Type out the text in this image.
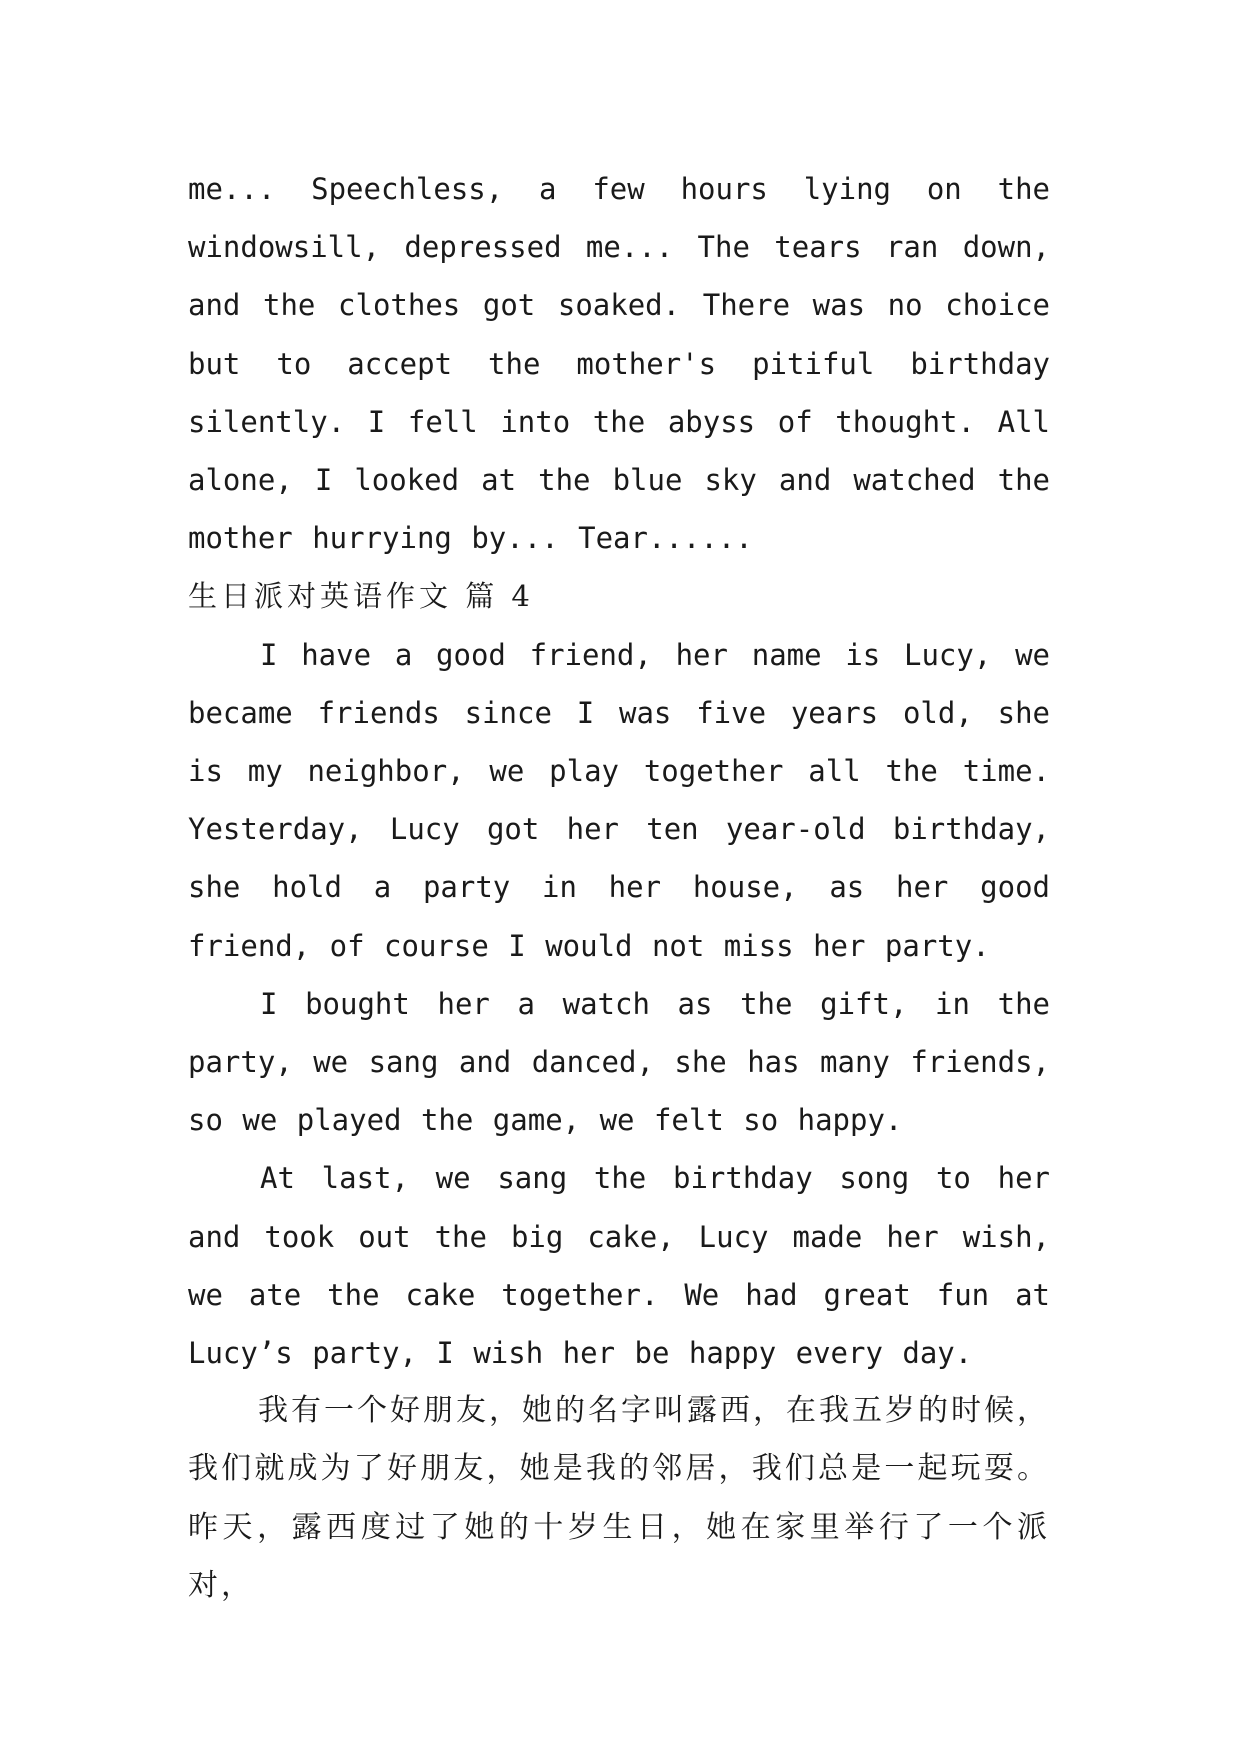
me... Speechless, a few hours lying on the windowsill, depressed me... The tears ran down, and the clothes got soaked. There was no choice but to accept the mother's pitiful birthday silently. I fell into the abyss of thought. All alone, I looked at the blue sky and watched the mother hurrying by... Tear......

生日派对英语作文 篇 4

I have a good friend, her name is Lucy, we became friends since I was five years old, she is my neighbor, we play together all the time. Yesterday, Lucy got her ten year-old birthday, she hold a party in her house, as her good friend, of course I would not miss her party.

I bought her a watch as the gift, in the party, we sang and danced, she has many friends, so we played the game, we felt so happy.

At last, we sang the birthday song to her and took out the big cake, Lucy made her wish, we ate the cake together. We had great fun at Lucy’s party, I wish her be happy every day.

我有一个好朋友，她的名字叫露西，在我五岁的时候，我们就成为了好朋友，她是我的邻居，我们总是一起玩耍。昨天，露西度过了她的十岁生日，她在家里举行了一个派对，
